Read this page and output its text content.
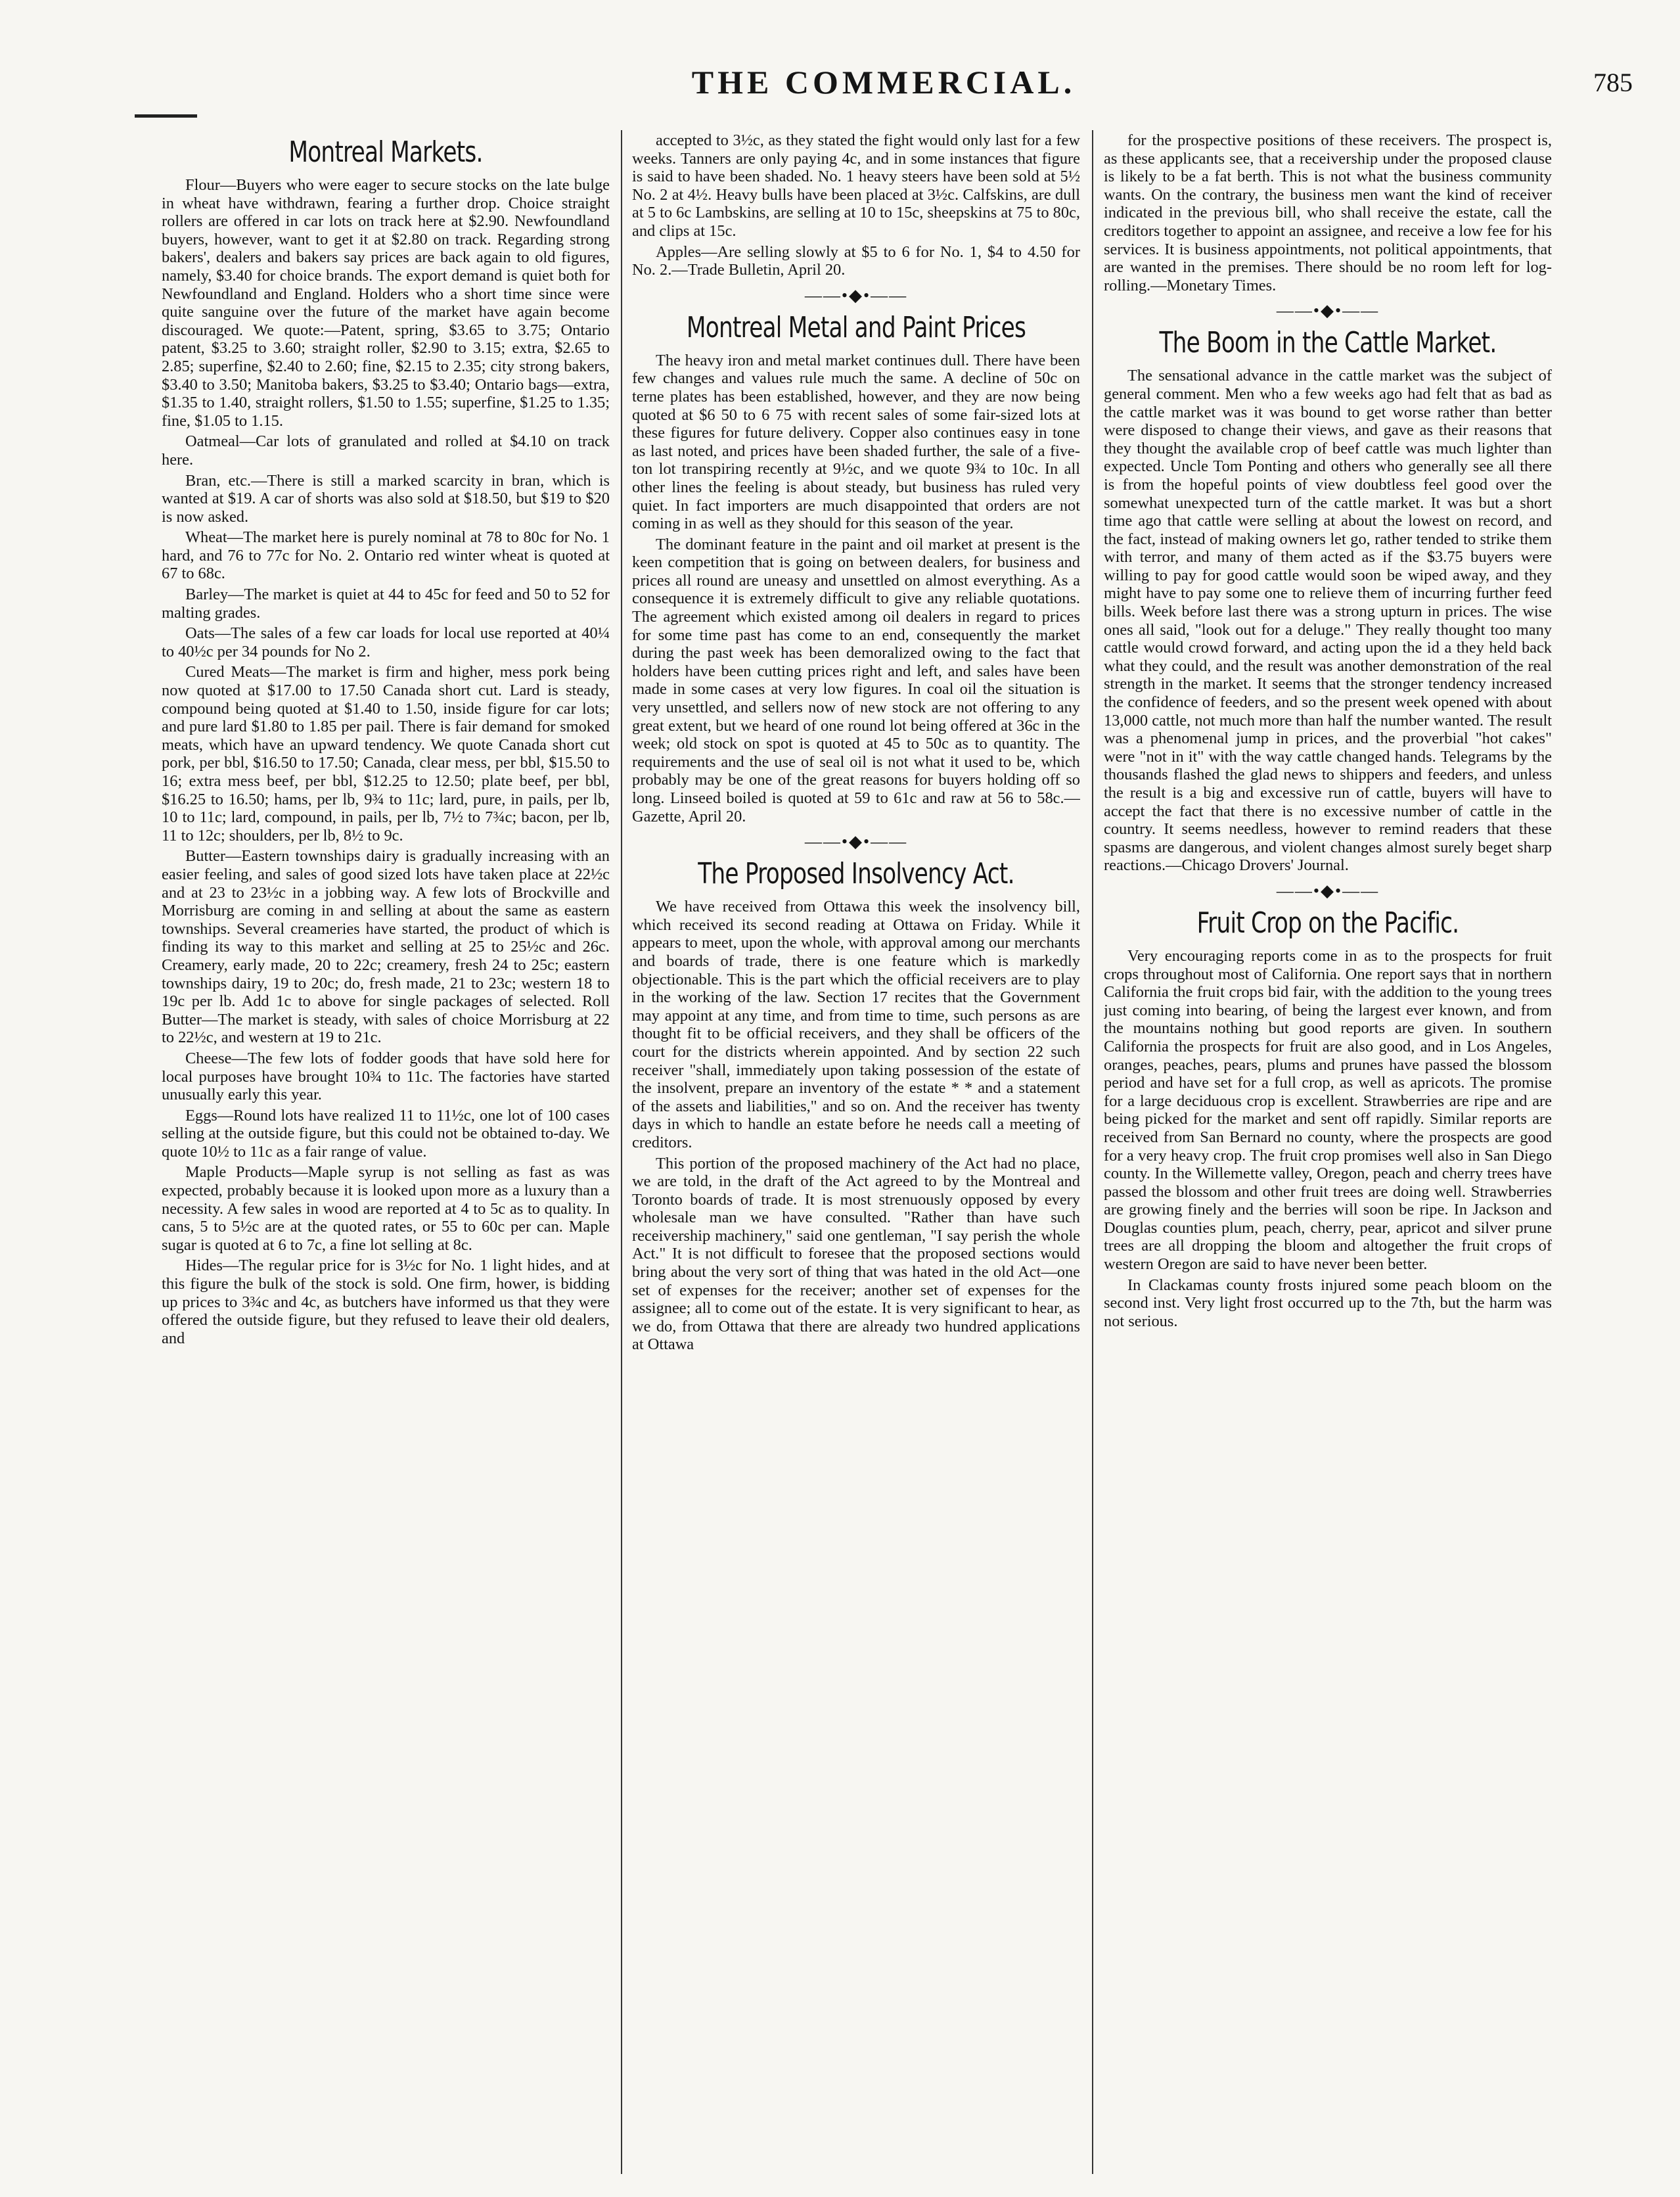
THE COMMERCIAL.	785
Montreal Markets.

Flour—Buyers who were eager to secure stocks on the late bulge in wheat have withdrawn, fearing a further drop. Choice straight rollers are offered in car lots on track here at $2.90. Newfoundland buyers, however, want to get it at $2.80 on track. Regarding strong bakers', dealers and bakers say prices are back again to old figures, namely, $3.40 for choice brands. The export demand is quiet both for Newfoundland and England. Holders who a short time since were quite sanguine over the future of the market have again become discouraged. We quote:—Patent, spring, $3.65 to 3.75; Ontario patent, $3.25 to 3.60; straight roller, $2.90 to 3.15; extra, $2.65 to 2.85; superfine, $2.40 to 2.60; fine, $2.15 to 2.35; city strong bakers, $3.40 to 3.50; Manitoba bakers, $3.25 to $3.40; Ontario bags—extra, $1.35 to 1.40, straight rollers, $1.50 to 1.55; superfine, $1.25 to 1.35; fine, $1.05 to 1.15.

Oatmeal—Car lots of granulated and rolled at $4.10 on track here.

Bran, etc.—There is still a marked scarcity in bran, which is wanted at $19. A car of shorts was also sold at $18.50, but $19 to $20 is now asked.

Wheat—The market here is purely nominal at 78 to 80c for No. 1 hard, and 76 to 77c for No. 2. Ontario red winter wheat is quoted at 67 to 68c.

Barley—The market is quiet at 44 to 45c for feed and 50 to 52 for malting grades.

Oats—The sales of a few car loads for local use reported at 40¼ to 40½c per 34 pounds for No 2.

Cured Meats—The market is firm and higher, mess pork being now quoted at $17.00 to 17.50 Canada short cut. Lard is steady, compound being quoted at $1.40 to 1.50, inside figure for car lots; and pure lard $1.80 to 1.85 per pail. There is fair demand for smoked meats, which have an upward tendency. We quote Canada short cut pork, per bbl, $16.50 to 17.50; Canada, clear mess, per bbl, $15.50 to 16; extra mess beef, per bbl, $12.25 to 12.50; plate beef, per bbl, $16.25 to 16.50; hams, per lb, 9¾ to 11c; lard, pure, in pails, per lb, 10 to 11c; lard, compound, in pails, per lb, 7½ to 7¾c; bacon, per lb, 11 to 12c; shoulders, per lb, 8½ to 9c.

Butter—Eastern townships dairy is gradually increasing with an easier feeling, and sales of good sized lots have taken place at 22½c and at 23 to 23½c in a jobbing way. A few lots of Brockville and Morrisburg are coming in and selling at about the same as eastern townships. Several creameries have started, the product of which is finding its way to this market and selling at 25 to 25½c and 26c. Creamery, early made, 20 to 22c; creamery, fresh 24 to 25c; eastern townships dairy, 19 to 20c; do, fresh made, 21 to 23c; western 18 to 19c per lb. Add 1c to above for single packages of selected. Roll Butter—The market is steady, with sales of choice Morrisburg at 22 to 22½c, and western at 19 to 21c.

Cheese—The few lots of fodder goods that have sold here for local purposes have brought 10¾ to 11c. The factories have started unusually early this year.

Eggs—Round lots have realized 11 to 11½c, one lot of 100 cases selling at the outside figure, but this could not be obtained to-day. We quote 10½ to 11c as a fair range of value.

Maple Products—Maple syrup is not selling as fast as was expected, probably because it is looked upon more as a luxury than a necessity. A few sales in wood are reported at 4 to 5c as to quality. In cans, 5 to 5½c are at the quoted rates, or 55 to 60c per can. Maple sugar is quoted at 6 to 7c, a fine lot selling at 8c.

Hides—The regular price for is 3½c for No. 1 light hides, and at this figure the bulk of the stock is sold. One firm, hower, is bidding up prices to 3¾c and 4c, as butchers have informed us that they were offered the outside figure, but they refused to leave their old dealers, and

accepted to 3½c, as they stated the fight would only last for a few weeks. Tanners are only paying 4c, and in some instances that figure is said to have been shaded. No. 1 heavy steers have been sold at 5½ No. 2 at 4½. Heavy bulls have been placed at 3½c. Calfskins, are dull at 5 to 6c Lambskins, are selling at 10 to 15c, sheepskins at 75 to 80c, and clips at 15c.

Apples—Are selling slowly at $5 to 6 for No. 1, $4 to 4.50 for No. 2.—Trade Bulletin, April 20.

——•◆•——
Montreal Metal and Paint Prices

The heavy iron and metal market continues dull. There have been few changes and values rule much the same. A decline of 50c on terne plates has been established, however, and they are now being quoted at $6 50 to 6 75 with recent sales of some fair-sized lots at these figures for future delivery. Copper also continues easy in tone as last noted, and prices have been shaded further, the sale of a five-ton lot transpiring recently at 9½c, and we quote 9¾ to 10c. In all other lines the feeling is about steady, but business has ruled very quiet. In fact importers are much disappointed that orders are not coming in as well as they should for this season of the year.

The dominant feature in the paint and oil market at present is the keen competition that is going on between dealers, for business and prices all round are uneasy and unsettled on almost everything. As a consequence it is extremely difficult to give any reliable quotations. The agreement which existed among oil dealers in regard to prices for some time past has come to an end, consequently the market during the past week has been demoralized owing to the fact that holders have been cutting prices right and left, and sales have been made in some cases at very low figures. In coal oil the situation is very unsettled, and sellers now of new stock are not offering to any great extent, but we heard of one round lot being offered at 36c in the week; old stock on spot is quoted at 45 to 50c as to quantity. The requirements and the use of seal oil is not what it used to be, which probably may be one of the great reasons for buyers holding off so long. Linseed boiled is quoted at 59 to 61c and raw at 56 to 58c.—Gazette, April 20.

——•◆•——
The Proposed Insolvency Act.

We have received from Ottawa this week the insolvency bill, which received its second reading at Ottawa on Friday. While it appears to meet, upon the whole, with approval among our merchants and boards of trade, there is one feature which is markedly objectionable. This is the part which the official receivers are to play in the working of the law. Section 17 recites that the Government may appoint at any time, and from time to time, such persons as are thought fit to be official receivers, and they shall be officers of the court for the districts wherein appointed. And by section 22 such receiver "shall, immediately upon taking possession of the estate of the insolvent, prepare an inventory of the estate * * and a statement of the assets and liabilities," and so on. And the receiver has twenty days in which to handle an estate before he needs call a meeting of creditors.

This portion of the proposed machinery of the Act had no place, we are told, in the draft of the Act agreed to by the Montreal and Toronto boards of trade. It is most strenuously opposed by every wholesale man we have consulted. "Rather than have such receivership machinery," said one gentleman, "I say perish the whole Act." It is not difficult to foresee that the proposed sections would bring about the very sort of thing that was hated in the old Act—one set of expenses for the receiver; another set of expenses for the assignee; all to come out of the estate. It is very significant to hear, as we do, from Ottawa that there are already two hundred applications at Ottawa

for the prospective positions of these receivers. The prospect is, as these applicants see, that a receivership under the proposed clause is likely to be a fat berth. This is not what the business community wants. On the contrary, the business men want the kind of receiver indicated in the previous bill, who shall receive the estate, call the creditors together to appoint an assignee, and receive a low fee for his services. It is business appointments, not political appointments, that are wanted in the premises. There should be no room left for log-rolling.—Monetary Times.

——•◆•——
The Boom in the Cattle Market.

The sensational advance in the cattle market was the subject of general comment. Men who a few weeks ago had felt that as bad as the cattle market was it was bound to get worse rather than better were disposed to change their views, and gave as their reasons that they thought the available crop of beef cattle was much lighter than expected. Uncle Tom Ponting and others who generally see all there is from the hopeful points of view doubtless feel good over the somewhat unexpected turn of the cattle market. It was but a short time ago that cattle were selling at about the lowest on record, and the fact, instead of making owners let go, rather tended to strike them with terror, and many of them acted as if the $3.75 buyers were willing to pay for good cattle would soon be wiped away, and they might have to pay some one to relieve them of incurring further feed bills. Week before last there was a strong upturn in prices. The wise ones all said, "look out for a deluge." They really thought too many cattle would crowd forward, and acting upon the id a they held back what they could, and the result was another demonstration of the real strength in the market. It seems that the stronger tendency increased the confidence of feeders, and so the present week opened with about 13,000 cattle, not much more than half the number wanted. The result was a phenomenal jump in prices, and the proverbial "hot cakes" were "not in it" with the way cattle changed hands. Telegrams by the thousands flashed the glad news to shippers and feeders, and unless the result is a big and excessive run of cattle, buyers will have to accept the fact that there is no excessive number of cattle in the country. It seems needless, however to remind readers that these spasms are dangerous, and violent changes almost surely beget sharp reactions.—Chicago Drovers' Journal.

——•◆•——
Fruit Crop on the Pacific.

Very encouraging reports come in as to the prospects for fruit crops throughout most of California. One report says that in northern California the fruit crops bid fair, with the addition to the young trees just coming into bearing, of being the largest ever known, and from the mountains nothing but good reports are given. In southern California the prospects for fruit are also good, and in Los Angeles, oranges, peaches, pears, plums and prunes have passed the blossom period and have set for a full crop, as well as apricots. The promise for a large deciduous crop is excellent. Strawberries are ripe and are being picked for the market and sent off rapidly. Similar reports are received from San Bernard no county, where the prospects are good for a very heavy crop. The fruit crop promises well also in San Diego county. In the Willemette valley, Oregon, peach and cherry trees have passed the blossom and other fruit trees are doing well. Strawberries are growing finely and the berries will soon be ripe. In Jackson and Douglas counties plum, peach, cherry, pear, apricot and silver prune trees are all dropping the bloom and altogether the fruit crops of western Oregon are said to have never been better.

In Clackamas county frosts injured some peach bloom on the second inst. Very light frost occurred up to the 7th, but the harm was not serious.
